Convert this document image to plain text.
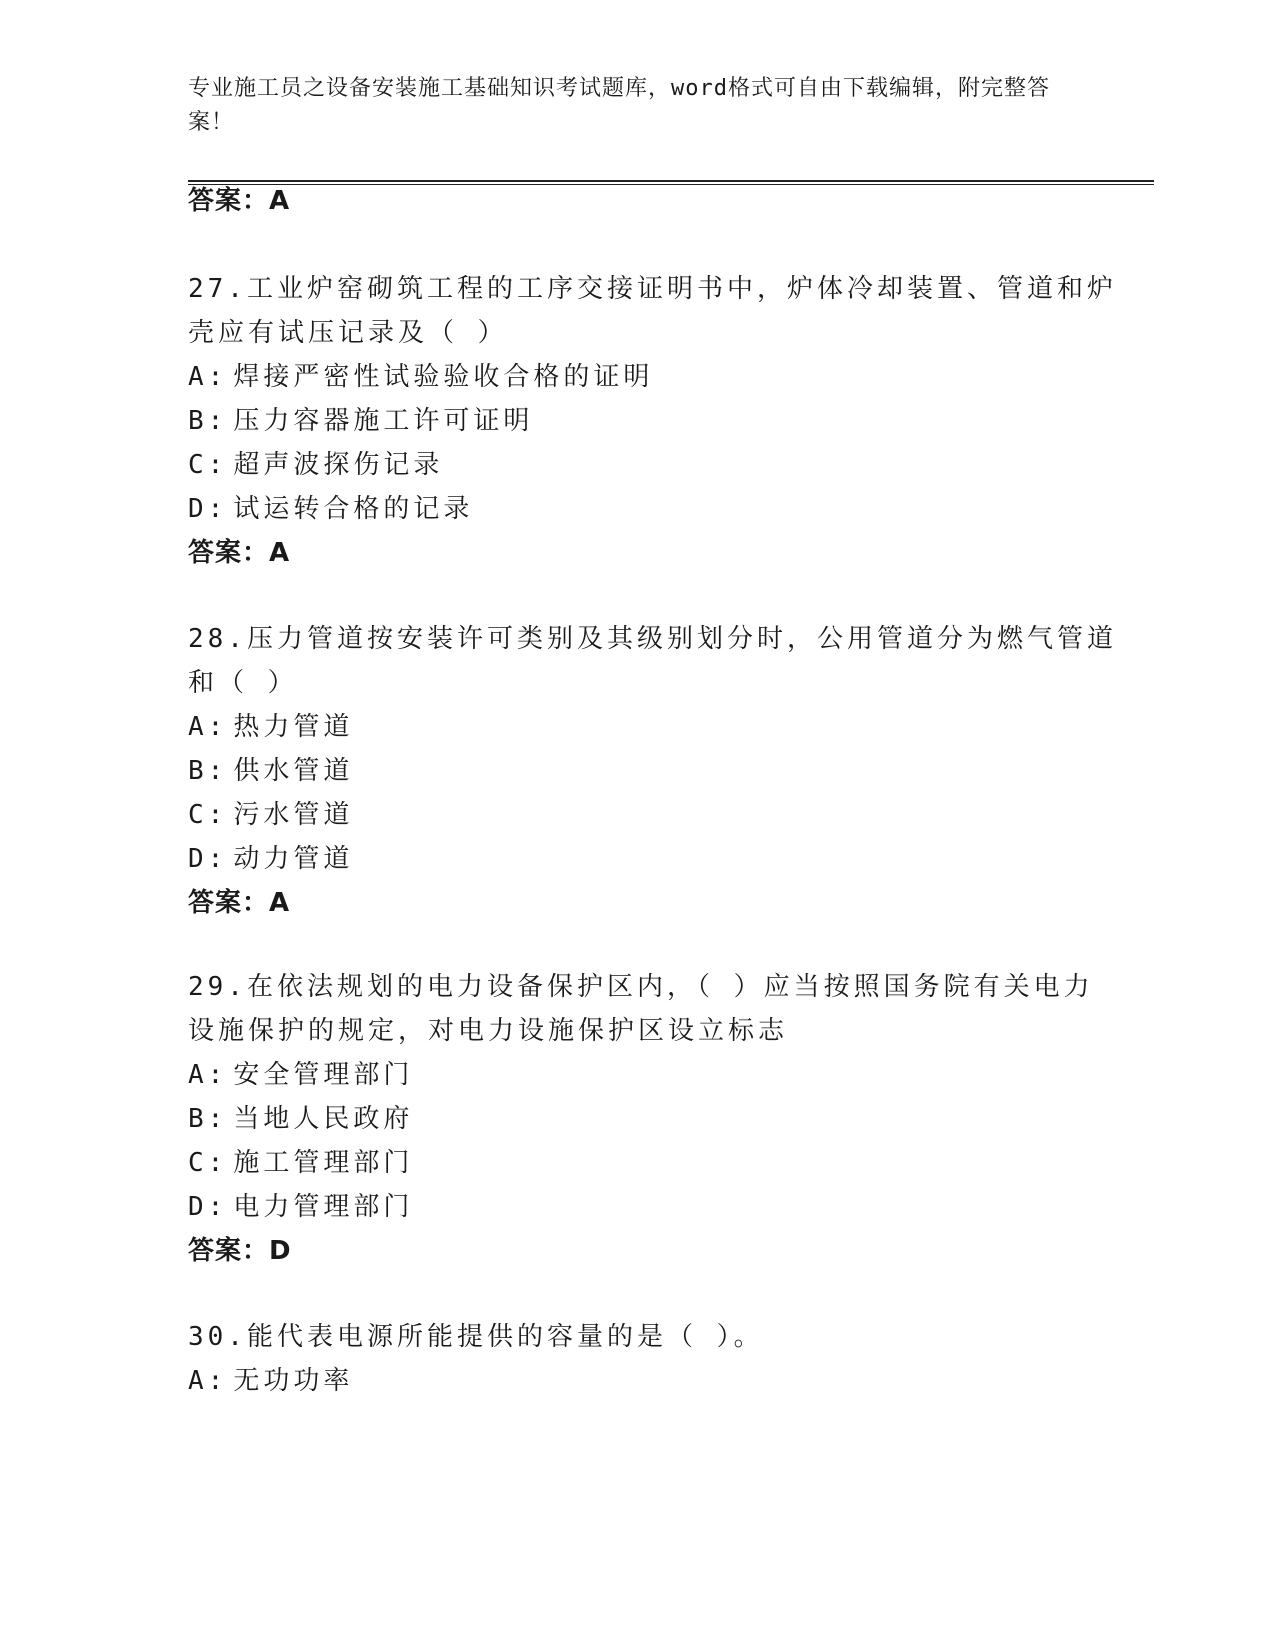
专业施工员之设备安装施工基础知识考试题库，word格式可自由下载编辑，附完整答案！
答案：A
27.工业炉窑砌筑工程的工序交接证明书中，炉体冷却装置、管道和炉
壳应有试压记录及（ ）
A: 焊接严密性试验验收合格的证明
B: 压力容器施工许可证明
C: 超声波探伤记录
D: 试运转合格的记录
答案：A
28.压力管道按安装许可类别及其级别划分时，公用管道分为燃气管道
和（ ）
A: 热力管道
B: 供水管道
C: 污水管道
D: 动力管道
答案：A
29.在依法规划的电力设备保护区内，（ ）应当按照国务院有关电力
设施保护的规定，对电力设施保护区设立标志
A: 安全管理部门
B: 当地人民政府
C: 施工管理部门
D: 电力管理部门
答案：D
30.能代表电源所能提供的容量的是（ ）。
A: 无功功率
